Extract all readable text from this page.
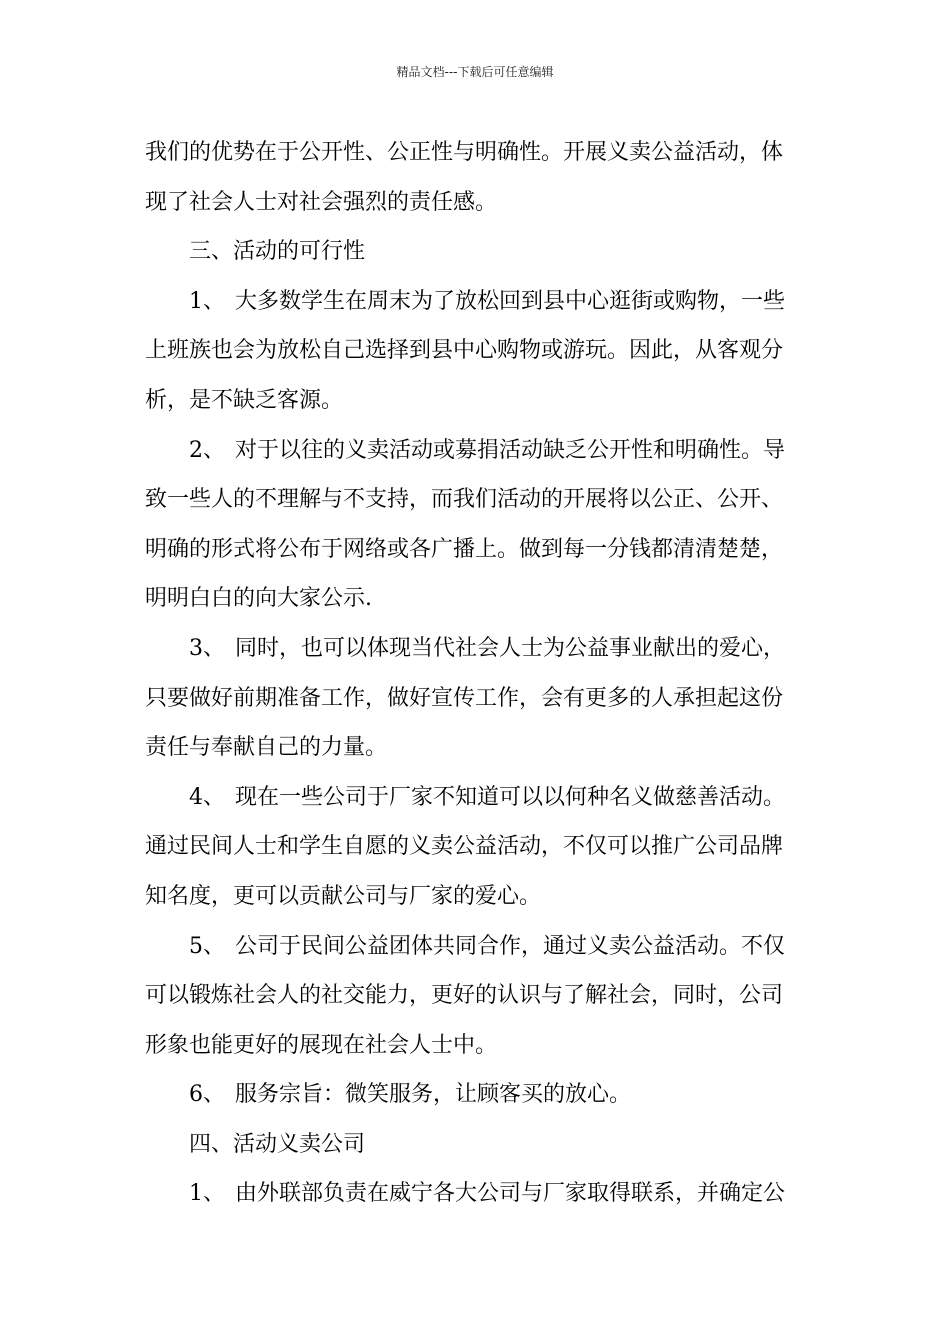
精品文档---下载后可任意编辑

我们的优势在于公开性、公正性与明确性。开展义卖公益活动，体
现了社会人士对社会强烈的责任感。

三、活动的可行性

1、 大多数学生在周末为了放松回到县中心逛街或购物，一些
上班族也会为放松自己选择到县中心购物或游玩。因此，从客观分
析，是不缺乏客源。

2、 对于以往的义卖活动或募捐活动缺乏公开性和明确性。导
致一些人的不理解与不支持，而我们活动的开展将以公正、公开、
明确的形式将公布于网络或各广播上。做到每一分钱都清清楚楚，
明明白白的向大家公示.

3、 同时，也可以体现当代社会人士为公益事业献出的爱心，
只要做好前期准备工作，做好宣传工作，会有更多的人承担起这份
责任与奉献自己的力量。

4、 现在一些公司于厂家不知道可以以何种名义做慈善活动。
通过民间人士和学生自愿的义卖公益活动，不仅可以推广公司品牌
知名度，更可以贡献公司与厂家的爱心。

5、 公司于民间公益团体共同合作，通过义卖公益活动。不仅
可以锻炼社会人的社交能力，更好的认识与了解社会，同时，公司
形象也能更好的展现在社会人士中。

6、 服务宗旨：微笑服务，让顾客买的放心。

四、活动义卖公司

1、 由外联部负责在威宁各大公司与厂家取得联系，并确定公
